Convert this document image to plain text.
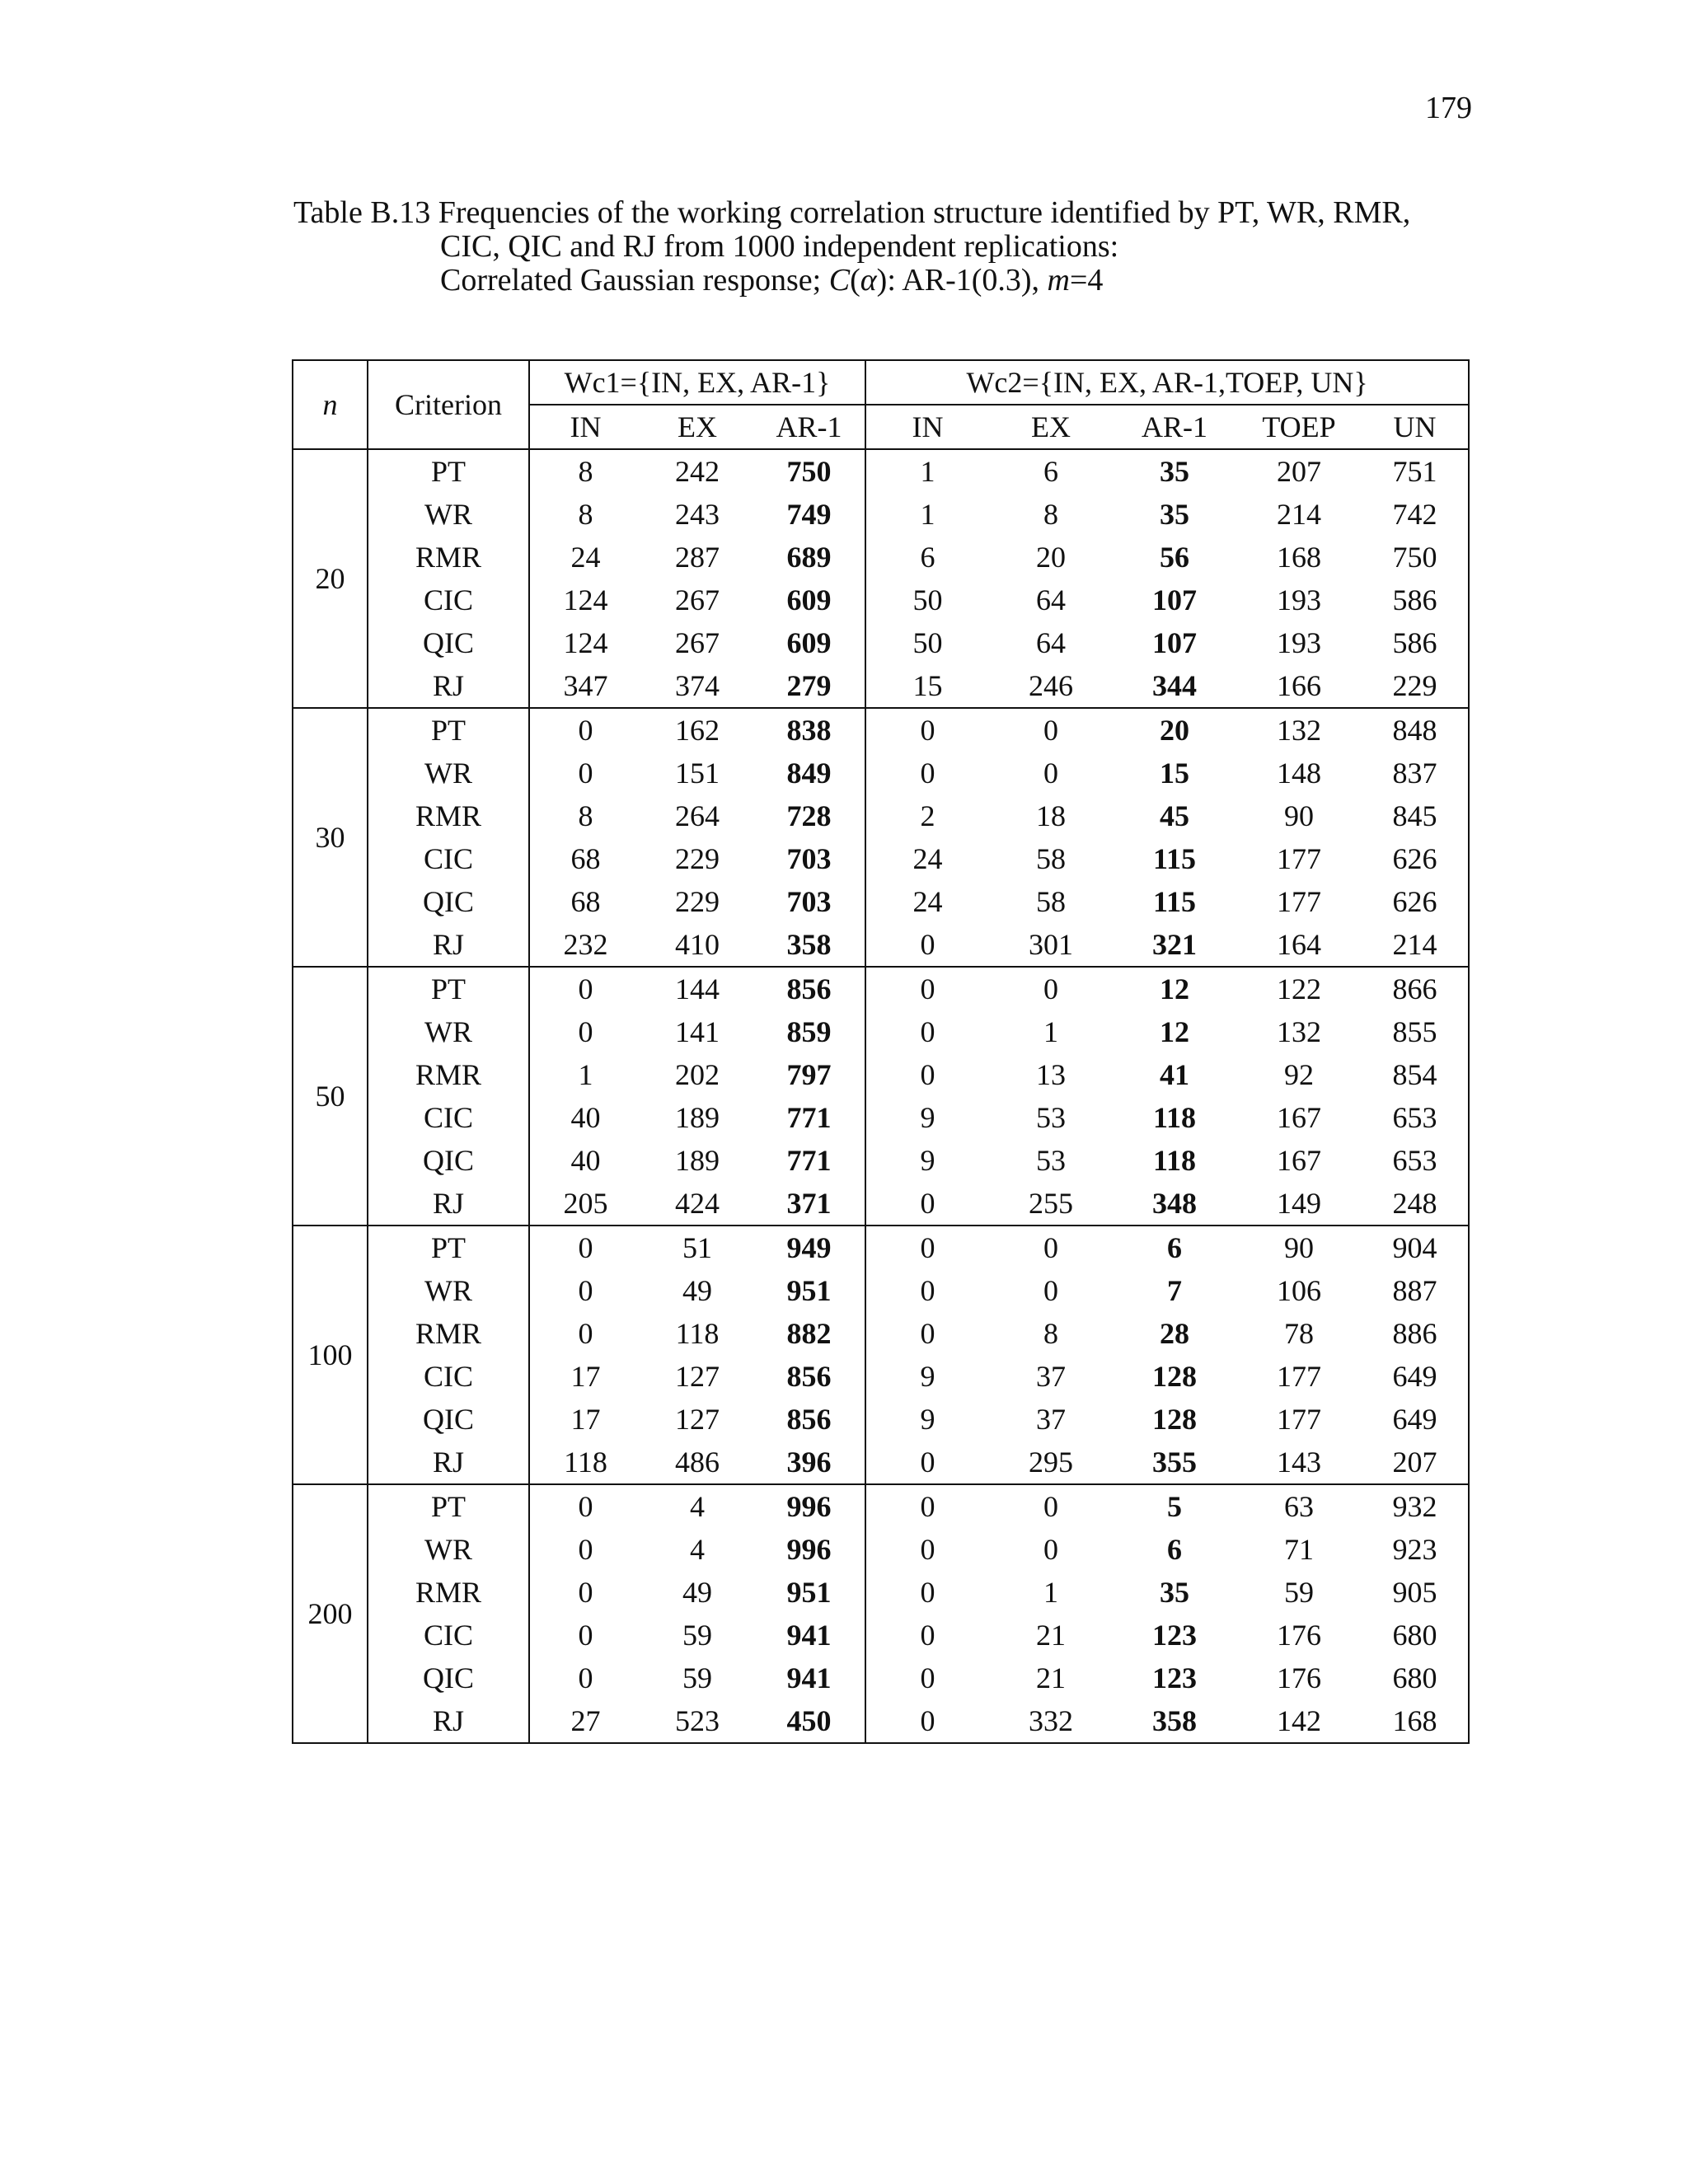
179
Table B.13 Frequencies of the working correlation structure identified by PT, WR, RMR,
CIC, QIC and RJ from 1000 independent replications:
Correlated Gaussian response; C(α): AR-1(0.3), m=4
n	Criterion	Wc1={IN, EX, AR-1}			Wc2={IN, EX, AR-1,TOEP, UN}				
		IN	EX	AR-1	IN	EX	AR-1	TOEP	UN
20	PT	8	242	750	1	6	35	207	751
	WR	8	243	749	1	8	35	214	742
	RMR	24	287	689	6	20	56	168	750
	CIC	124	267	609	50	64	107	193	586
	QIC	124	267	609	50	64	107	193	586
	RJ	347	374	279	15	246	344	166	229
30	PT	0	162	838	0	0	20	132	848
	WR	0	151	849	0	0	15	148	837
	RMR	8	264	728	2	18	45	90	845
	CIC	68	229	703	24	58	115	177	626
	QIC	68	229	703	24	58	115	177	626
	RJ	232	410	358	0	301	321	164	214
50	PT	0	144	856	0	0	12	122	866
	WR	0	141	859	0	1	12	132	855
	RMR	1	202	797	0	13	41	92	854
	CIC	40	189	771	9	53	118	167	653
	QIC	40	189	771	9	53	118	167	653
	RJ	205	424	371	0	255	348	149	248
100	PT	0	51	949	0	0	6	90	904
	WR	0	49	951	0	0	7	106	887
	RMR	0	118	882	0	8	28	78	886
	CIC	17	127	856	9	37	128	177	649
	QIC	17	127	856	9	37	128	177	649
	RJ	118	486	396	0	295	355	143	207
200	PT	0	4	996	0	0	5	63	932
	WR	0	4	996	0	0	6	71	923
	RMR	0	49	951	0	1	35	59	905
	CIC	0	59	941	0	21	123	176	680
	QIC	0	59	941	0	21	123	176	680
	RJ	27	523	450	0	332	358	142	168
